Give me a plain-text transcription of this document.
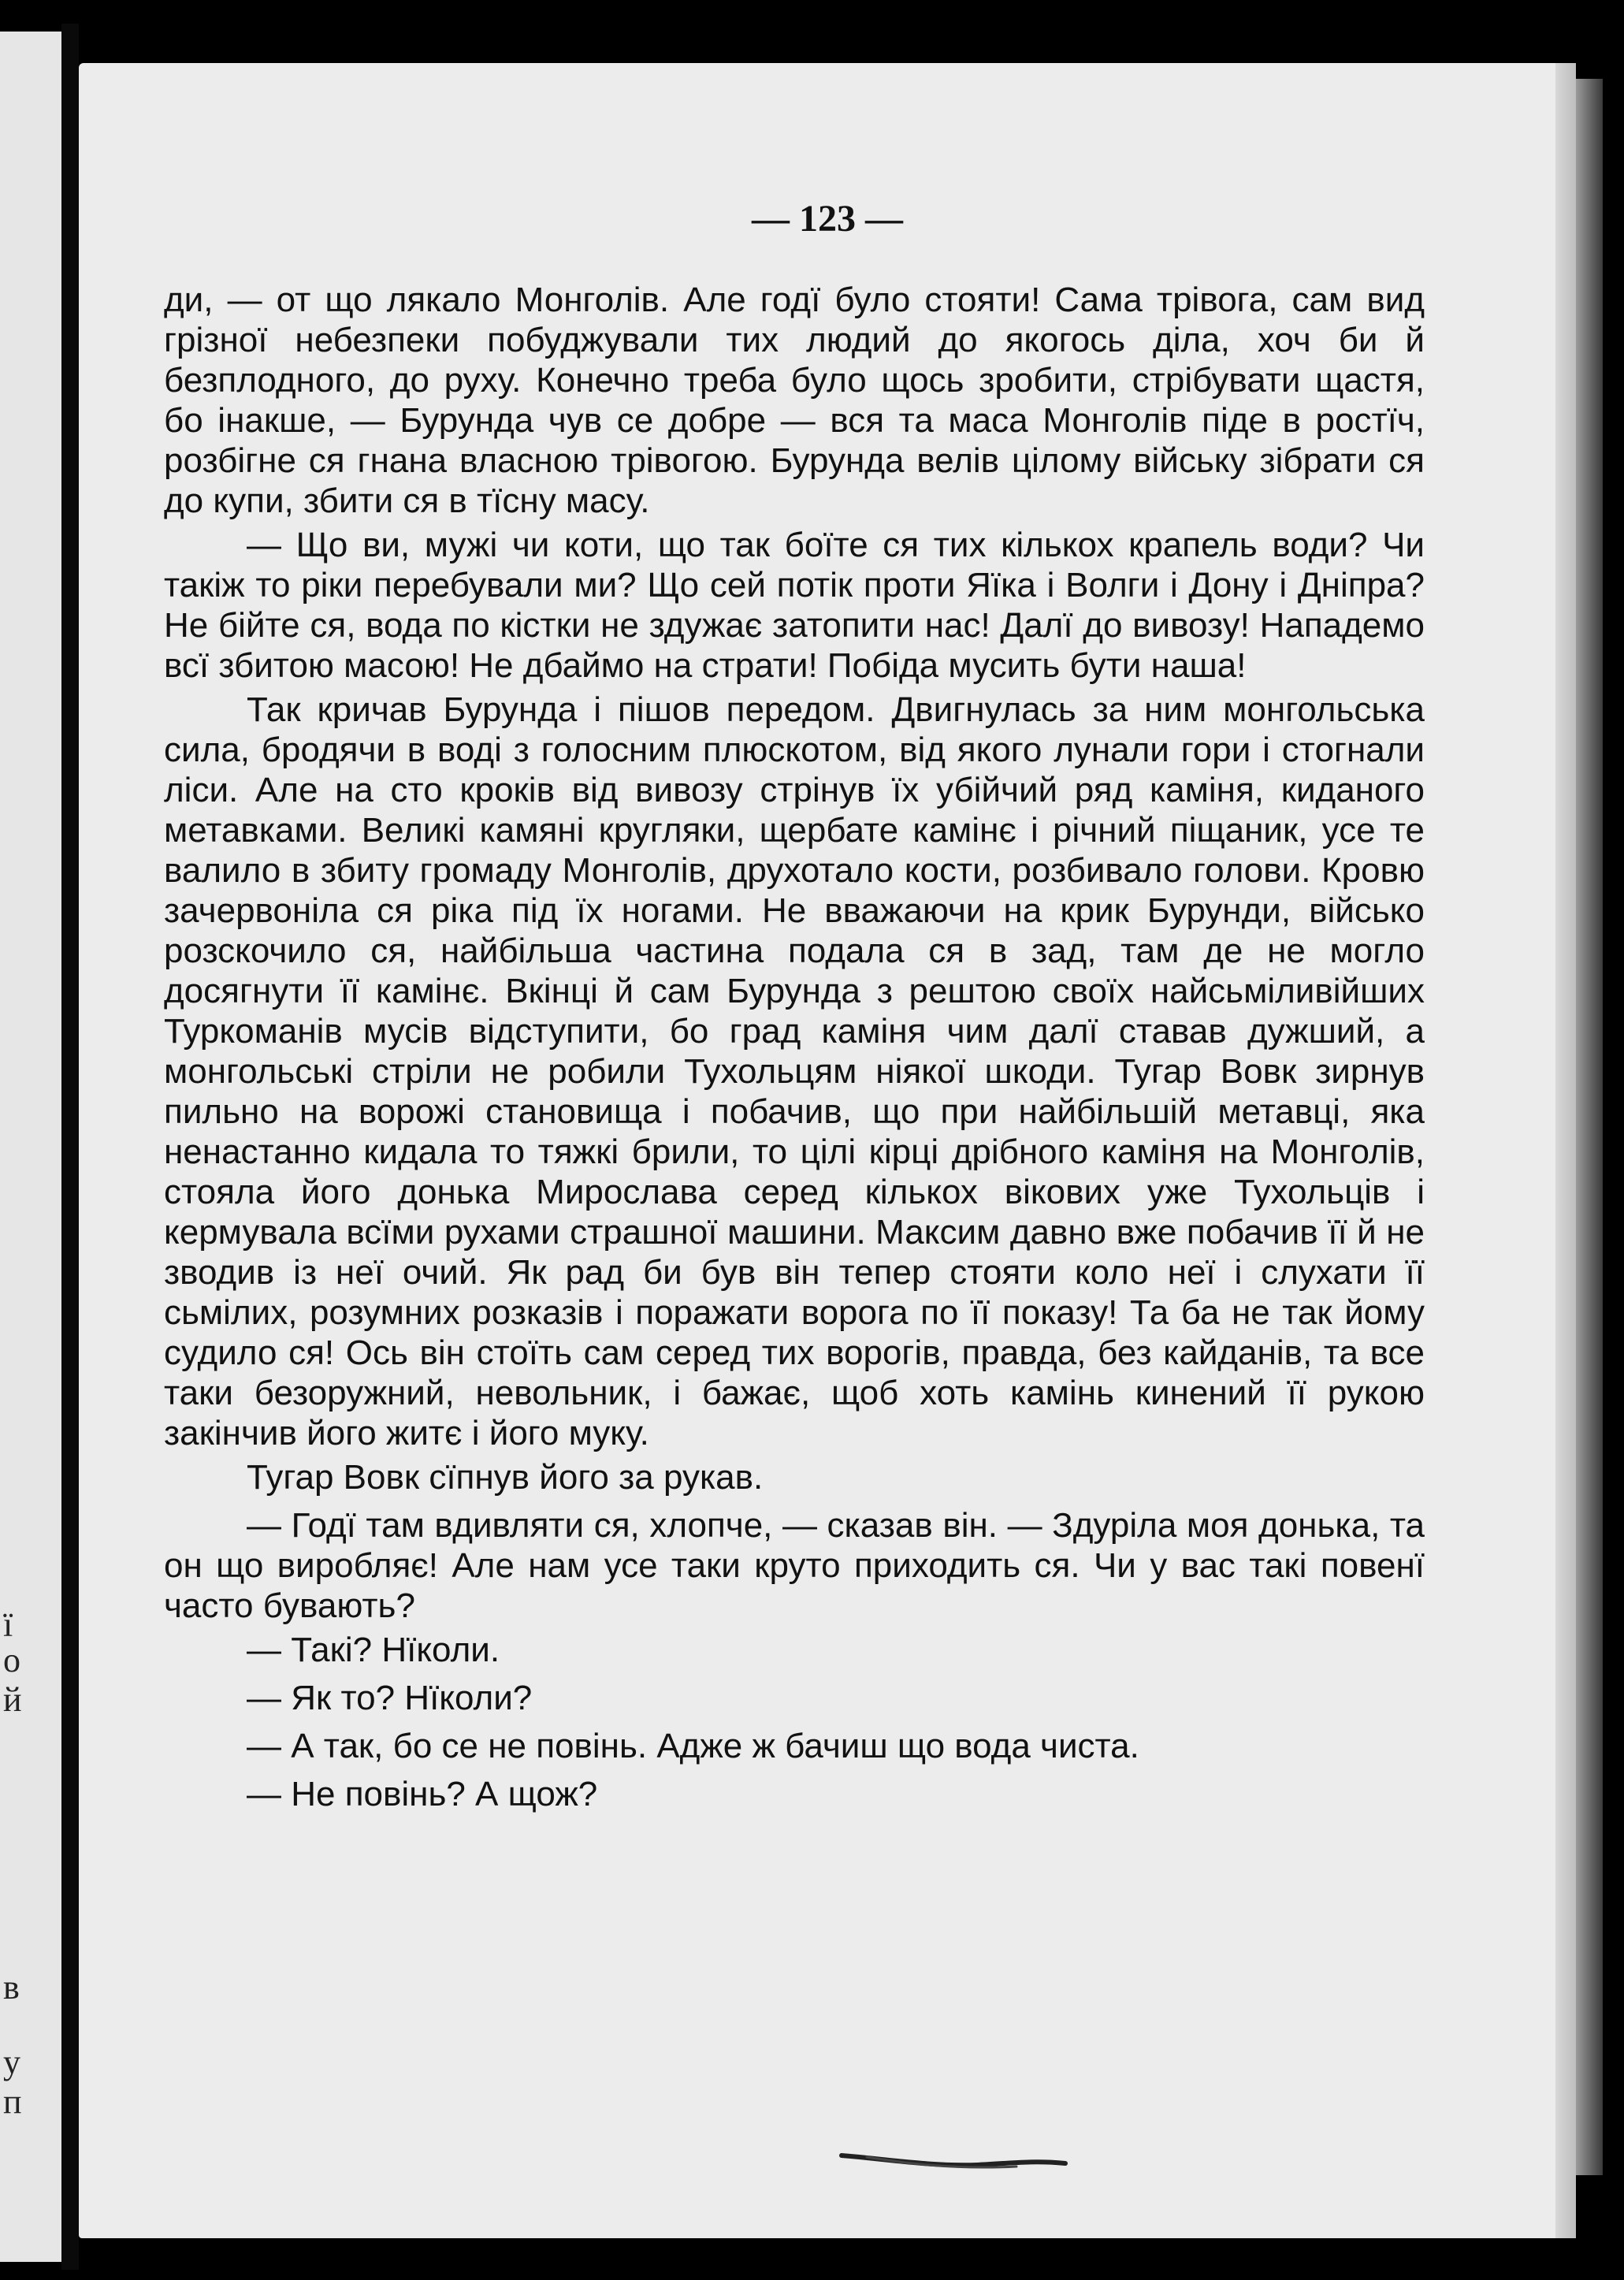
ї
о
й
в
у
п
— 123 —

ди, — от що лякало Монголів. Але годї було стояти! Сама трівога, сам вид грізної небезпеки побуджували тих людий до якогось діла, хоч би й безплодного, до руху. Конечно треба було щось зробити, стрібувати щастя, бо інакше, — Бурунда чув се добре — вся та маса Монголів піде в ростїч, розбігне ся гнана власною трівогою. Бурунда велів цілому війську зібрати ся до купи, збити ся в тїсну масу.

— Що ви, мужі чи коти, що так боїте ся тих кількох крапель води? Чи такіж то ріки перебували ми? Що сей потік проти Яїка і Волги і Дону і Дніпра? Не бійте ся, вода по кістки не здужає затопити нас! Далї до вивозу! Нападемо всї збитою масою! Не дбаймо на страти! Побіда мусить бути наша!

Так кричав Бурунда і пішов передом. Двигнулась за ним монгольська сила, бродячи в воді з голосним плюскотом, від якого лунали гори і стогнали ліси. Але на сто кроків від вивозу стрінув їх убійчий ряд каміня, киданого метавками. Великі камяні кругляки, щербате камінє і річний піщаник, усе те валило в збиту громаду Монголів, друхотало кости, розбивало голови. Кровю зачервоніла ся ріка під їх ногами. Не вважаючи на крик Бурунди, військо розскочило ся, найбільша частина подала ся в зад, там де не могло досягнути її камінє. Вкінці й сам Бурунда з рештою своїх найсьміливійших Туркоманів мусів відступити, бо град каміня чим далї ставав дужший, а монгольські стріли не робили Тухольцям ніякої шкоди. Тугар Вовк зирнув пильно на ворожі становища і побачив, що при найбільшій метавці, яка ненастанно кидала то тяжкі брили, то цілі кірці дрібного каміня на Монголів, стояла його донька Мирослава серед кількох вікових уже Тухольців і кермувала всїми рухами страшної машини. Максим давно вже побачив її й не зводив із неї очий. Як рад би був він тепер стояти коло неї і слухати її сьмілих, розумних розказів і поражати ворога по її показу! Та ба не так йому судило ся! Ось він стоїть сам серед тих ворогів, правда, без кайданів, та все таки безоружний, невольник, і бажає, щоб хоть камінь кинений її рукою закінчив його житє і його муку.

Тугар Вовк сїпнув його за рукав.

— Годї там вдивляти ся, хлопче, — сказав він. — Здуріла моя донька, та он що виробляє! Але нам усе таки круто приходить ся. Чи у вас такі повенї часто бувають?

— Такі? Нїколи.

— Як то? Нїколи?

— А так, бо се не повінь. Адже ж бачиш що вода чиста.

— Не повінь? А щож?
